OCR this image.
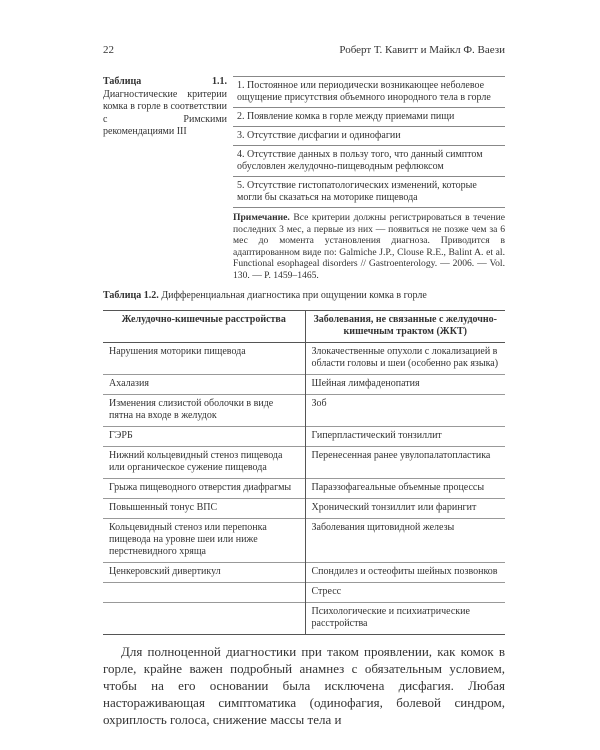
22	Роберт Т. Кавитт и Майкл Ф. Ваези
Таблица 1.1. Диагностические критерии комка в горле в соответствии с Римскими рекомендациями III
1. Постоянное или периодически возникающее неболевое ощущение присутствия объемного инородного тела в горле
2. Появление комка в горле между приемами пищи
3. Отсутствие дисфагии и одинофагии
4. Отсутствие данных в пользу того, что данный симптом обусловлен желудочно-пищеводным рефлюксом
5. Отсутствие гистопатологических изменений, которые могли бы сказаться на моторике пищевода
Примечание. Все критерии должны регистрироваться в течение последних 3 мес, а первые из них — появиться не позже чем за 6 мес до момента установления диагноза. Приводится в адаптированном виде по: Galmiche J.P., Clouse R.E., Balint A. et al. Functional esophageal disorders // Gastroenterology. — 2006. — Vol. 130. — P. 1459–1465.
Таблица 1.2. Дифференциальная диагностика при ощущении комка в горле
Желудочно-кишечные расстройства	Заболевания, не связанные с желудочно-кишечным трактом (ЖКТ)
Нарушения моторики пищевода	Злокачественные опухоли с локализацией в области головы и шеи (особенно рак языка)
Ахалазия	Шейная лимфаденопатия
Изменения слизистой оболочки в виде пятна на входе в желудок	Зоб
ГЭРБ	Гиперпластический тонзиллит
Нижний кольцевидный стеноз пищевода или органическое сужение пищевода	Перенесенная ранее увулопалатопластика
Грыжа пищеводного отверстия диафрагмы	Параэзофагеальные объемные процессы
Повышенный тонус ВПС	Хронический тонзиллит или фарингит
Кольцевидный стеноз или перепонка пищевода на уровне шеи или ниже перстневидного хряща	Заболевания щитовидной железы
Ценкеровский дивертикул	Спондилез и остеофиты шейных позвонков
	Стресс
	Психологические и психиатрические расстройства

Для полноценной диагностики при таком проявлении, как комок в горле, крайне важен подробный анамнез с обязательным условием, чтобы на его основании была исключена дисфагия. Любая настораживающая симптоматика (одинофагия, болевой синдром, охриплость голоса, снижение массы тела и
